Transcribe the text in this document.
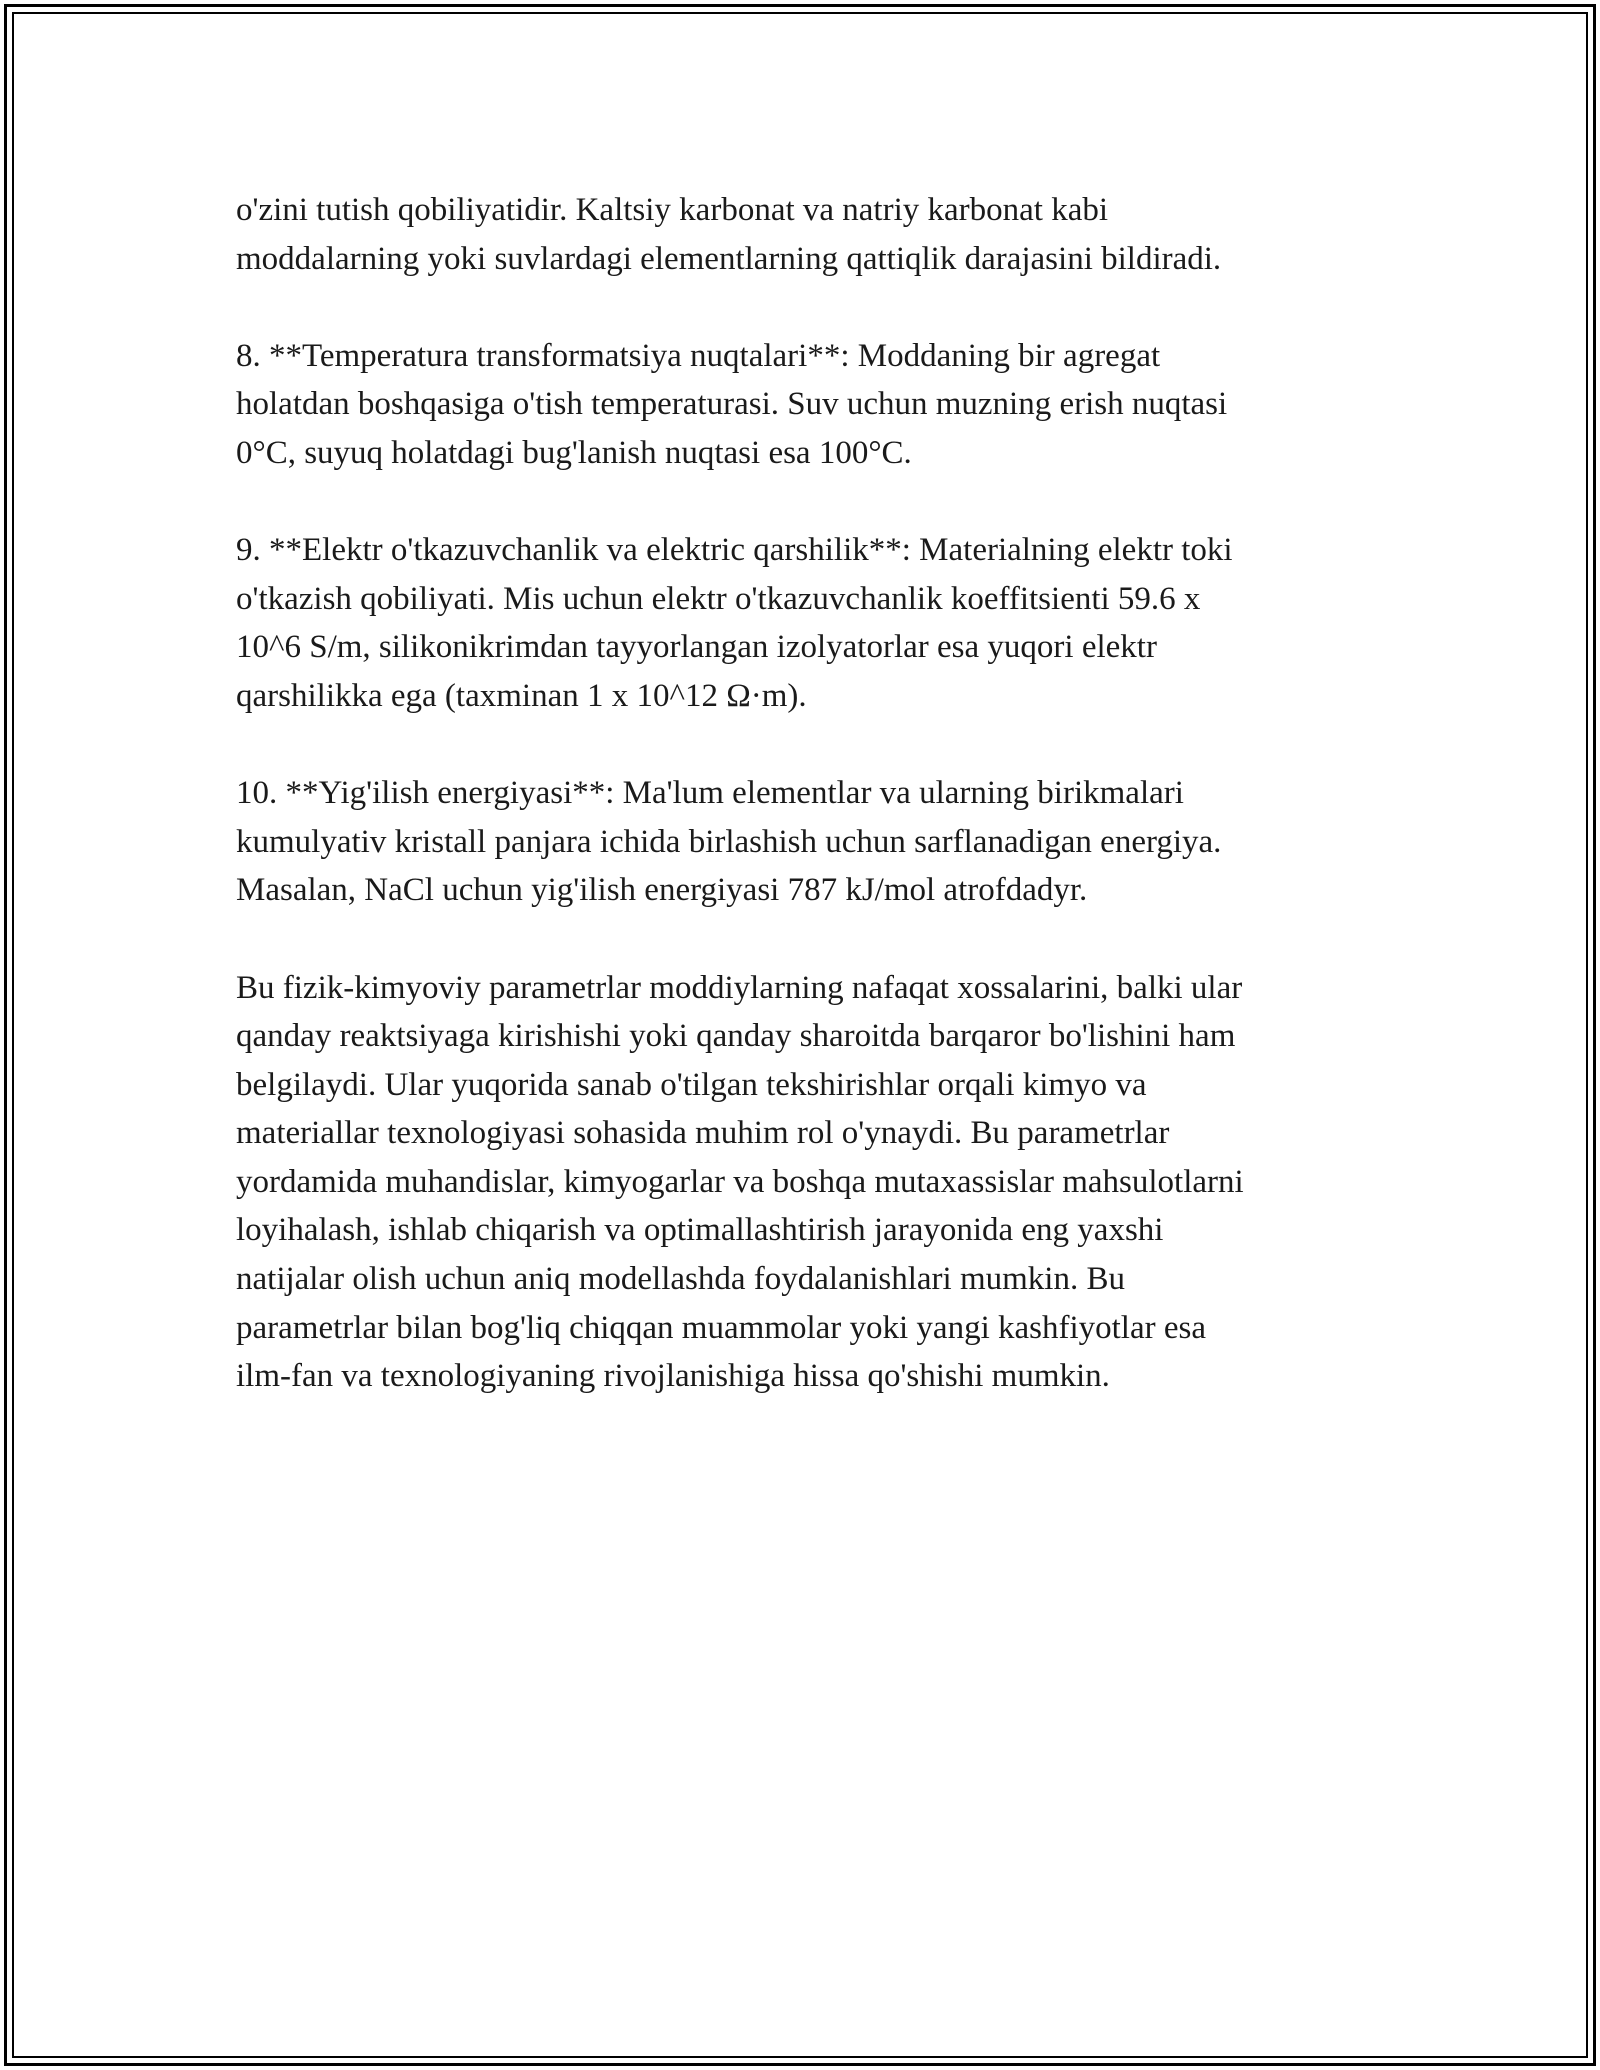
o'zini tutish qobiliyatidir. Kaltsiy karbonat va natriy karbonat kabi
moddalarning yoki suvlardagi elementlarning qattiqlik darajasini bildiradi.

8. **Temperatura transformatsiya nuqtalari**: Moddaning bir agregat
holatdan boshqasiga o'tish temperaturasi. Suv uchun muzning erish nuqtasi
0°C, suyuq holatdagi bug'lanish nuqtasi esa 100°C.

9. **Elektr o'tkazuvchanlik va elektric qarshilik**: Materialning elektr toki
o'tkazish qobiliyati. Mis uchun elektr o'tkazuvchanlik koeffitsienti 59.6 x
10^6 S/m, silikonikrimdan tayyorlangan izolyatorlar esa yuqori elektr
qarshilikka ega (taxminan 1 x 10^12 Ω·m).

10. **Yig'ilish energiyasi**: Ma'lum elementlar va ularning birikmalari
kumulyativ kristall panjara ichida birlashish uchun sarflanadigan energiya.
Masalan, NaCl uchun yig'ilish energiyasi 787 kJ/mol atrofdadyr.

Bu fizik-kimyoviy parametrlar moddiylarning nafaqat xossalarini, balki ular
qanday reaktsiyaga kirishishi yoki qanday sharoitda barqaror bo'lishini ham
belgilaydi. Ular yuqorida sanab o'tilgan tekshirishlar orqali kimyo va
materiallar texnologiyasi sohasida muhim rol o'ynaydi. Bu parametrlar
yordamida muhandislar, kimyogarlar va boshqa mutaxassislar mahsulotlarni
loyihalash, ishlab chiqarish va optimallashtirish jarayonida eng yaxshi
natijalar olish uchun aniq modellashda foydalanishlari mumkin. Bu
parametrlar bilan bog'liq chiqqan muammolar yoki yangi kashfiyotlar esa
ilm-fan va texnologiyaning rivojlanishiga hissa qo'shishi mumkin.
